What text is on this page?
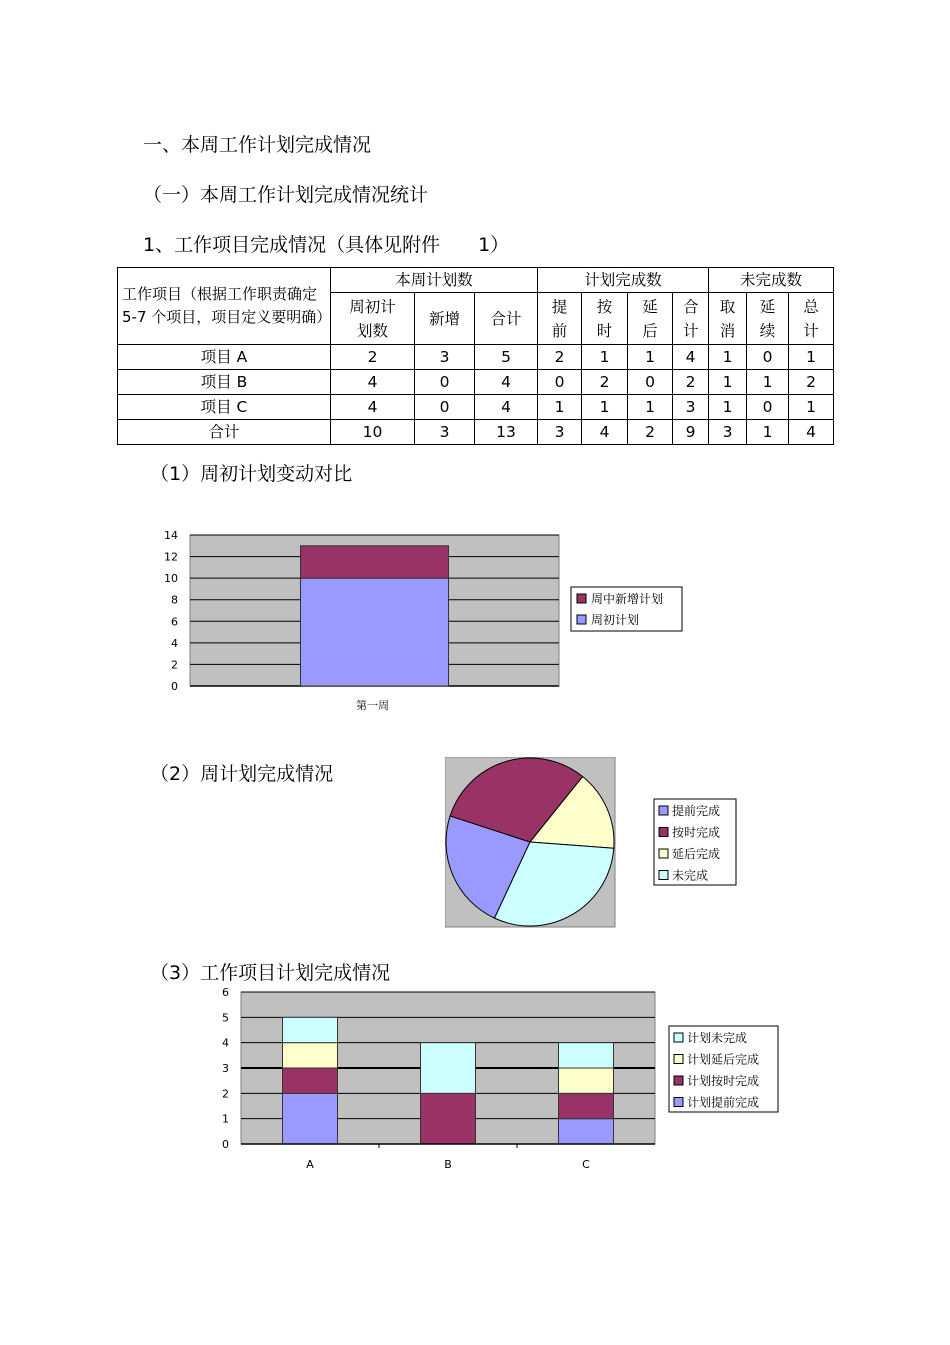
一、本周工作计划完成情况
（一）本周工作计划完成情况统计
1、工作项目完成情况（具体见附件 1）
工作项目（根据工作职责确定 5-7 个项目，项目定义要明确）	本周计划数			计划完成数				未完成数		
	周初计划数	新增	合计	提前	按时	延后	合计	取消	延续	总计
项目 A	2	3	5	2	1	1	4	1	0	1
项目 B	4	0	4	0	2	0	2	1	1	2
项目 C	4	0	4	1	1	1	3	1	0	1
合计	10	3	13	3	4	2	9	3	1	4
（1）周初计划变动对比
0
2
4
6
8
10
12
14
第一周
周中新增计划
周初计划
（2）周计划完成情况
提前完成
按时完成
延后完成
未完成
（3）工作项目计划完成情况
0
1
2
3
4
5
6
A	B	C
计划未完成
计划延后完成
计划按时完成
计划提前完成
